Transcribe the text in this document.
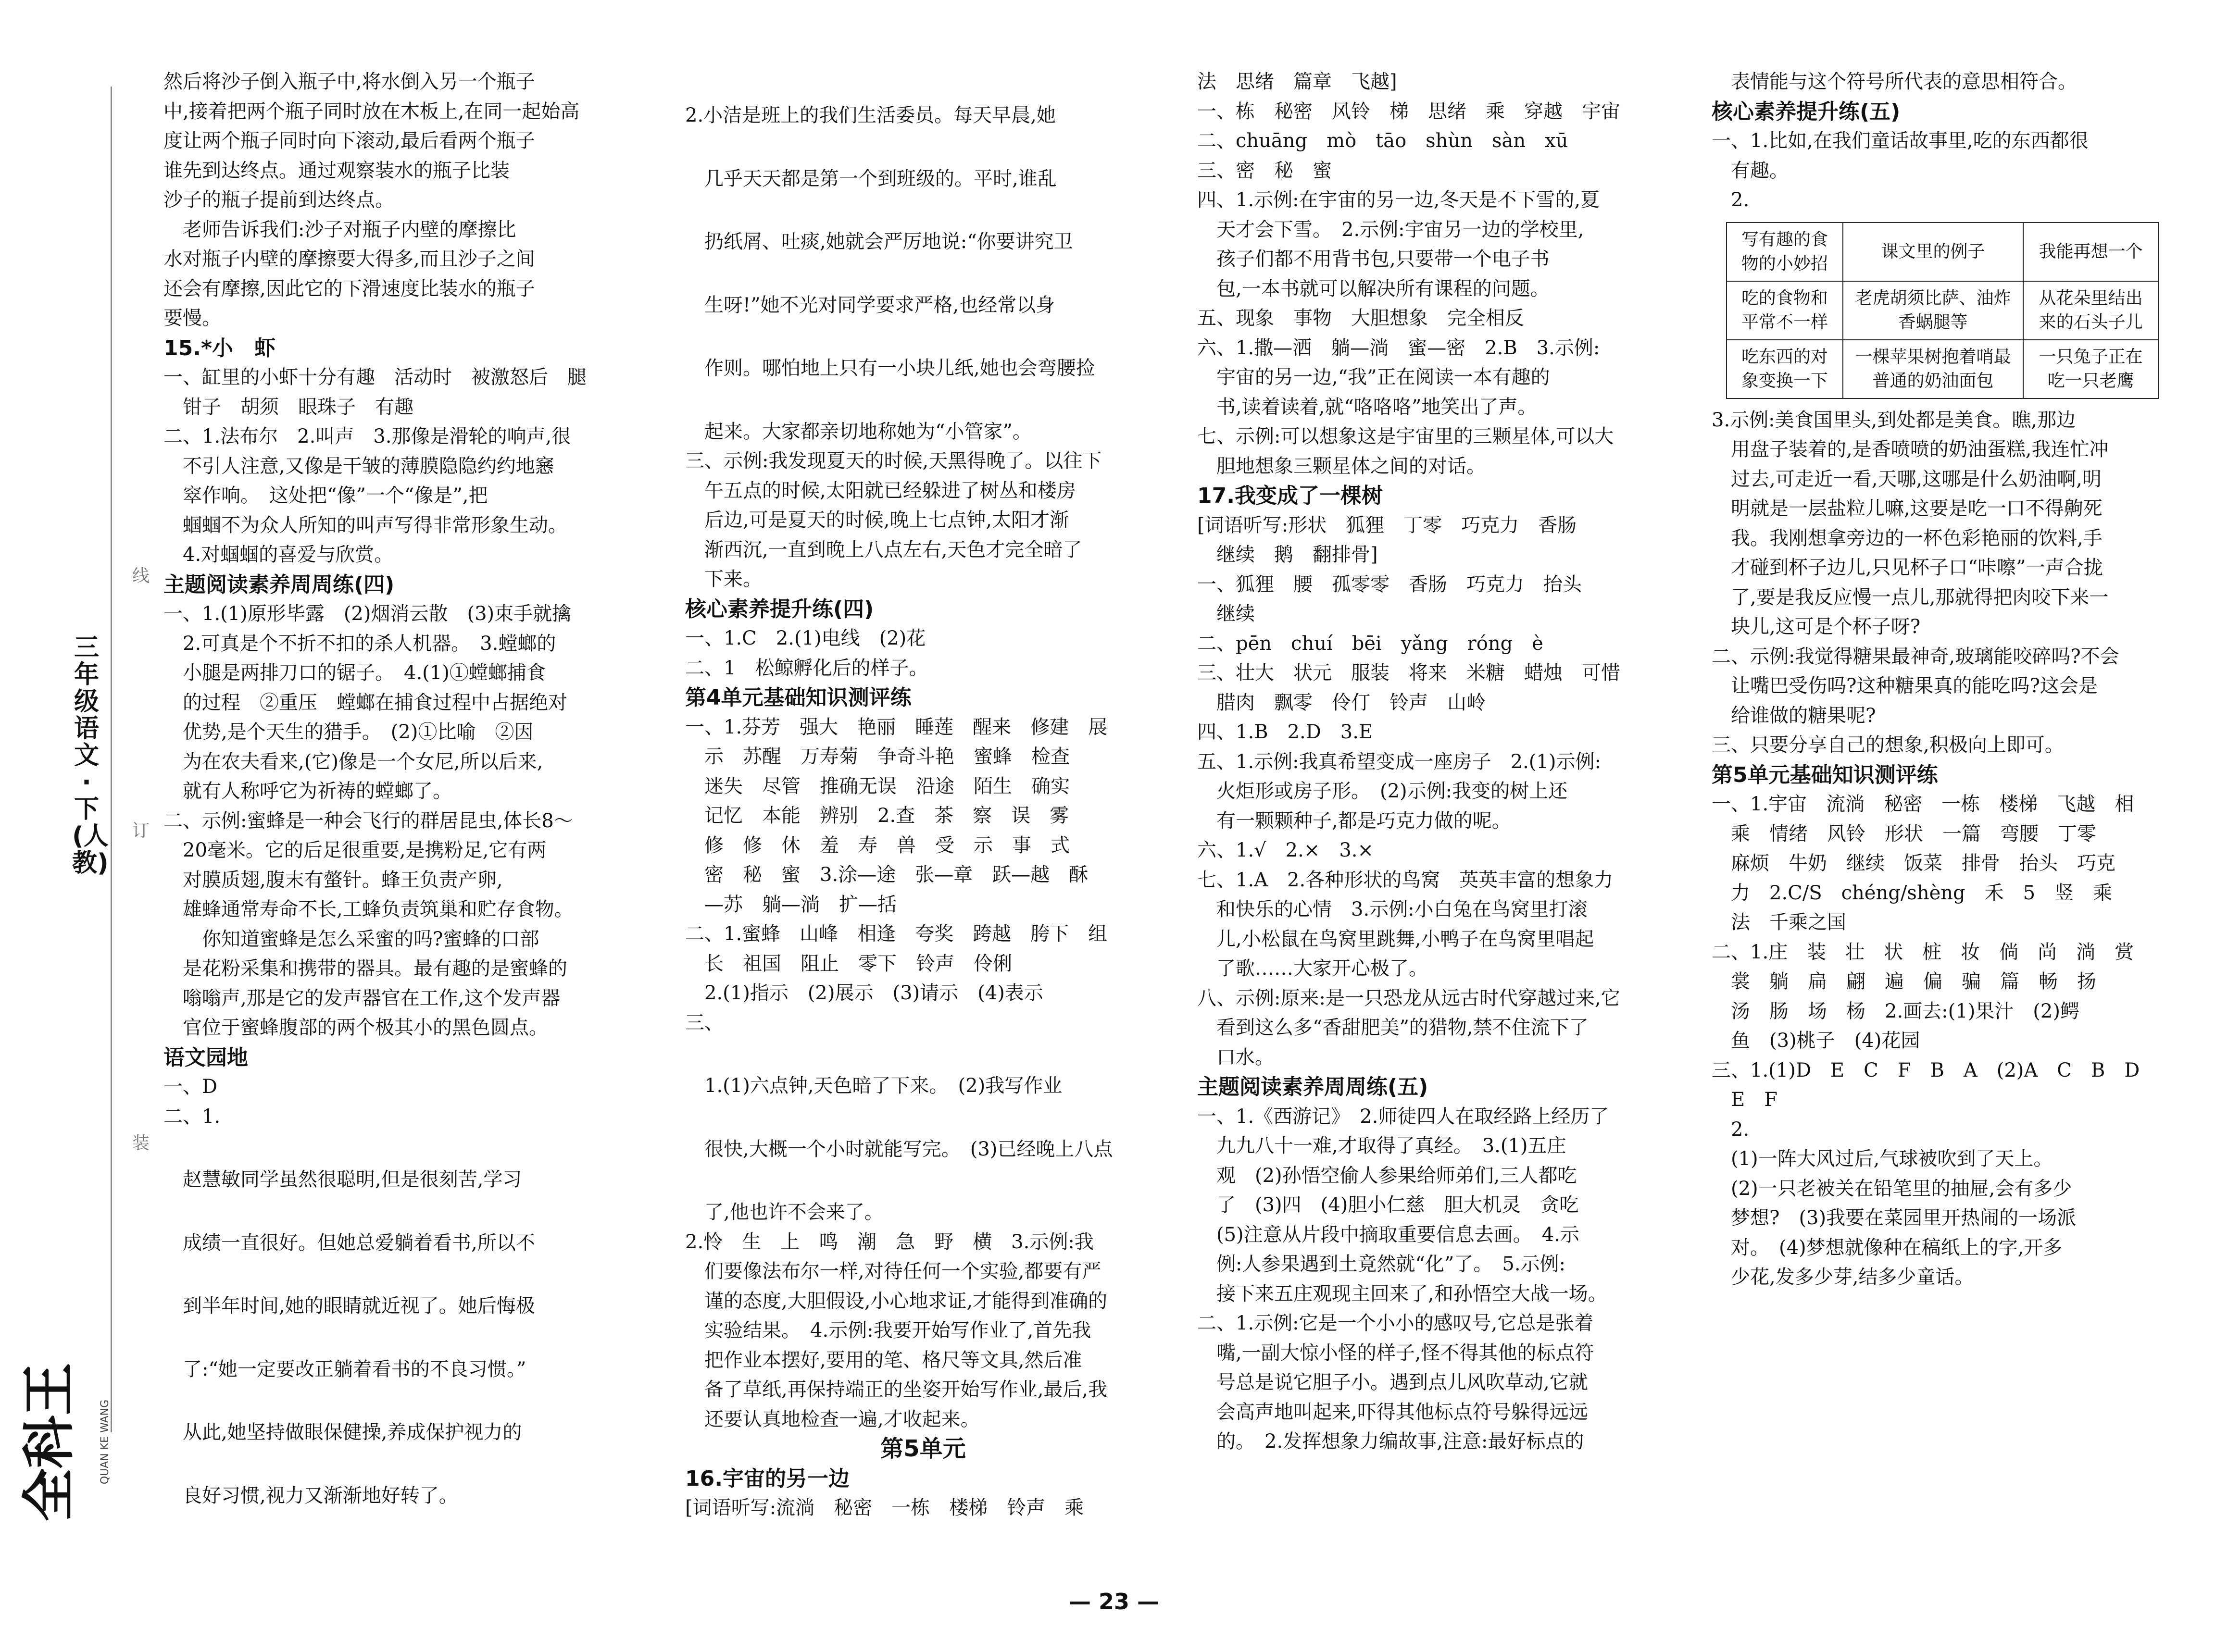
三年级语文·下(人教)
线
订
装
全科王 QUAN KE WANG

然后将沙子倒入瓶子中,将水倒入另一个瓶子

中,接着把两个瓶子同时放在木板上,在同一起始高

度让两个瓶子同时向下滚动,最后看两个瓶子

谁先到达终点。通过观察装水的瓶子比装

沙子的瓶子提前到达终点。

　老师告诉我们:沙子对瓶子内壁的摩擦比

水对瓶子内壁的摩擦要大得多,而且沙子之间

还会有摩擦,因此它的下滑速度比装水的瓶子

要慢。

15.*小　虾

一、缸里的小虾十分有趣　活动时　被激怒后　腿

　钳子　胡须　眼珠子　有趣

二、1.法布尔　2.叫声　3.那像是滑轮的响声,很

　不引人注意,又像是干皱的薄膜隐隐约约地窸

　窣作响。　这处把“像”一个“像是”,把

　蝈蝈不为众人所知的叫声写得非常形象生动。

　4.对蝈蝈的喜爱与欣赏。

主题阅读素养周周练(四)

一、1.(1)原形毕露　(2)烟消云散　(3)束手就擒

　2.可真是个不折不扣的杀人机器。　3.螳螂的

　小腿是两排刀口的锯子。　4.(1)①螳螂捕食

　的过程　②重压　螳螂在捕食过程中占据绝对

　优势,是个天生的猎手。　(2)①比喻　②因

　为在农夫看来,(它)像是一个女尼,所以后来,

　就有人称呼它为祈祷的螳螂了。

二、示例:蜜蜂是一种会飞行的群居昆虫,体长8～

　20毫米。它的后足很重要,是携粉足,它有两

　对膜质翅,腹末有螫针。蜂王负责产卵,

　雄蜂通常寿命不长,工蜂负责筑巢和贮存食物。

　　你知道蜜蜂是怎么采蜜的吗?蜜蜂的口部

　是花粉采集和携带的器具。最有趣的是蜜蜂的

　嗡嗡声,那是它的发声器官在工作,这个发声器

　官位于蜜蜂腹部的两个极其小的黑色圆点。

语文园地

一、D

二、1.

　赵慧敏同学虽然很聪明,但是很刻苦,学习

　成绩一直很好。但她总爱躺着看书,所以不

　到半年时间,她的眼睛就近视了。她后悔极

　了:“她一定要改正躺着看书的不良习惯。”

　从此,她坚持做眼保健操,养成保护视力的

　良好习惯,视力又渐渐地好转了。

2.小洁是班上的我们生活委员。每天早晨,她

　几乎天天都是第一个到班级的。平时,谁乱

　扔纸屑、吐痰,她就会严厉地说:“你要讲究卫

　生呀!”她不光对同学要求严格,也经常以身

　作则。哪怕地上只有一小块儿纸,她也会弯腰捡

　起来。大家都亲切地称她为“小管家”。

三、示例:我发现夏天的时候,天黑得晚了。以往下

　午五点的时候,太阳就已经躲进了树丛和楼房

　后边,可是夏天的时候,晚上七点钟,太阳才渐

　渐西沉,一直到晚上八点左右,天色才完全暗了

　下来。

核心素养提升练(四)

一、1.C　2.(1)电线　(2)花

二、1　松鲸孵化后的样子。

第4单元基础知识测评练

一、1.芬芳　强大　艳丽　睡莲　醒来　修建　展

　示　苏醒　万寿菊　争奇斗艳　蜜蜂　检查

　迷失　尽管　推确无误　沿途　陌生　确实

　记忆　本能　辨别　2.查　茶　察　误　雾

　修　修　休　羞　寿　兽　受　示　事　式

　密　秘　蜜　3.涂—途　张—章　跃—越　酥

　—苏　躺—淌　扩—括

二、1.蜜蜂　山峰　相逢　夸奖　跨越　胯下　组

　长　祖国　阻止　零下　铃声　伶俐

　2.(1)指示　(2)展示　(3)请示　(4)表示

三、

　1.(1)六点钟,天色暗了下来。　(2)我写作业

　很快,大概一个小时就能写完。　(3)已经晚上八点

　了,他也许不会来了。

2.怜　生　上　鸣　潮　急　野　横　3.示例:我

　们要像法布尔一样,对待任何一个实验,都要有严

　谨的态度,大胆假设,小心地求证,才能得到准确的

　实验结果。　4.示例:我要开始写作业了,首先我

　把作业本摆好,要用的笔、格尺等文具,然后准

　备了草纸,再保持端正的坐姿开始写作业,最后,我

　还要认真地检查一遍,才收起来。

第5单元

16.宇宙的另一边

[词语听写:流淌　秘密　一栋　楼梯　铃声　乘

法　思绪　篇章　飞越]

一、栋　秘密　风铃　梯　思绪　乘　穿越　宇宙

二、chuāng　mò　tāo　shùn　sàn　xū

三、密　秘　蜜

四、1.示例:在宇宙的另一边,冬天是不下雪的,夏

　天才会下雪。　2.示例:宇宙另一边的学校里,

　孩子们都不用背书包,只要带一个电子书

　包,一本书就可以解决所有课程的问题。

五、现象　事物　大胆想象　完全相反

六、1.撒—洒　躺—淌　蜜—密　2.B　3.示例:

　宇宙的另一边,“我”正在阅读一本有趣的

　书,读着读着,就“咯咯咯”地笑出了声。

七、示例:可以想象这是宇宙里的三颗星体,可以大

　胆地想象三颗星体之间的对话。

17.我变成了一棵树

[词语听写:形状　狐狸　丁零　巧克力　香肠

　继续　鹅　翻排骨]

一、狐狸　腰　孤零零　香肠　巧克力　抬头

　继续

二、pēn　chuí　bēi　yǎng　róng　è

三、壮大　状元　服装　将来　米糖　蜡烛　可惜

　腊肉　飘零　伶仃　铃声　山岭

四、1.B　2.D　3.E

五、1.示例:我真希望变成一座房子　2.(1)示例:

　火炬形或房子形。　(2)示例:我变的树上还

　有一颗颗种子,都是巧克力做的呢。

六、1.√　2.×　3.×

七、1.A　2.各种形状的鸟窝　英英丰富的想象力

　和快乐的心情　3.示例:小白兔在鸟窝里打滚

　儿,小松鼠在鸟窝里跳舞,小鸭子在鸟窝里唱起

　了歌……大家开心极了。

八、示例:原来:是一只恐龙从远古时代穿越过来,它

　看到这么多“香甜肥美”的猎物,禁不住流下了

　口水。

主题阅读素养周周练(五)

一、1.《西游记》　2.师徒四人在取经路上经历了

　九九八十一难,才取得了真经。　3.(1)五庄

　观　(2)孙悟空偷人参果给师弟们,三人都吃

　了　(3)四　(4)胆小仁慈　胆大机灵　贪吃

　(5)注意从片段中摘取重要信息去画。　4.示

　例:人参果遇到土竟然就“化”了。　5.示例:

　接下来五庄观现主回来了,和孙悟空大战一场。

二、1.示例:它是一个小小的感叹号,它总是张着

　嘴,一副大惊小怪的样子,怪不得其他的标点符

　号总是说它胆子小。遇到点儿风吹草动,它就

　会高声地叫起来,吓得其他标点符号躲得远远

　的。　2.发挥想象力编故事,注意:最好标点的

　表情能与这个符号所代表的意思相符合。

核心素养提升练(五)

一、1.比如,在我们童话故事里,吃的东西都很

　有趣。

　2.

写有趣的食物的小妙招	课文里的例子	我能再想一个
吃的食物和平常不一样	老虎胡须比萨、油炸香蜗腿等	从花朵里结出来的石头子儿
吃东西的对象变换一下	一棵苹果树抱着哨最普通的奶油面包	一只兔子正在吃一只老鹰

3.示例:美食国里头,到处都是美食。瞧,那边

　用盘子装着的,是香喷喷的奶油蛋糕,我连忙冲

　过去,可走近一看,天哪,这哪是什么奶油啊,明

　明就是一层盐粒儿嘛,这要是吃一口不得齁死

　我。我刚想拿旁边的一杯色彩艳丽的饮料,手

　才碰到杯子边儿,只见杯子口“咔嚓”一声合拢

　了,要是我反应慢一点儿,那就得把肉咬下来一

　块儿,这可是个杯子呀?

二、示例:我觉得糖果最神奇,玻璃能咬碎吗?不会

　让嘴巴受伤吗?这种糖果真的能吃吗?这会是

　给谁做的糖果呢?

三、只要分享自己的想象,积极向上即可。

第5单元基础知识测评练

一、1.宇宙　流淌　秘密　一栋　楼梯　飞越　相

　乘　情绪　风铃　形状　一篇　弯腰　丁零

　麻烦　牛奶　继续　饭菜　排骨　抬头　巧克

　力　2.C/S　chéng/shèng　禾　5　竖　乘

　法　千乘之国

二、1.庄　装　壮　状　桩　妆　倘　尚　淌　赏

　裳　躺　扁　翩　遍　偏　骗　篇　畅　扬

　汤　肠　场　杨　2.画去:(1)果汁　(2)鳄

　鱼　(3)桃子　(4)花园

三、1.(1)D　E　C　F　B　A　(2)A　C　B　D

　E　F

　2.

　(1)一阵大风过后,气球被吹到了天上。

　(2)一只老被关在铅笔里的抽屉,会有多少

　梦想?　(3)我要在菜园里开热闹的一场派

　对。　(4)梦想就像种在稿纸上的字,开多

　少花,发多少芽,结多少童话。

— 23 —
